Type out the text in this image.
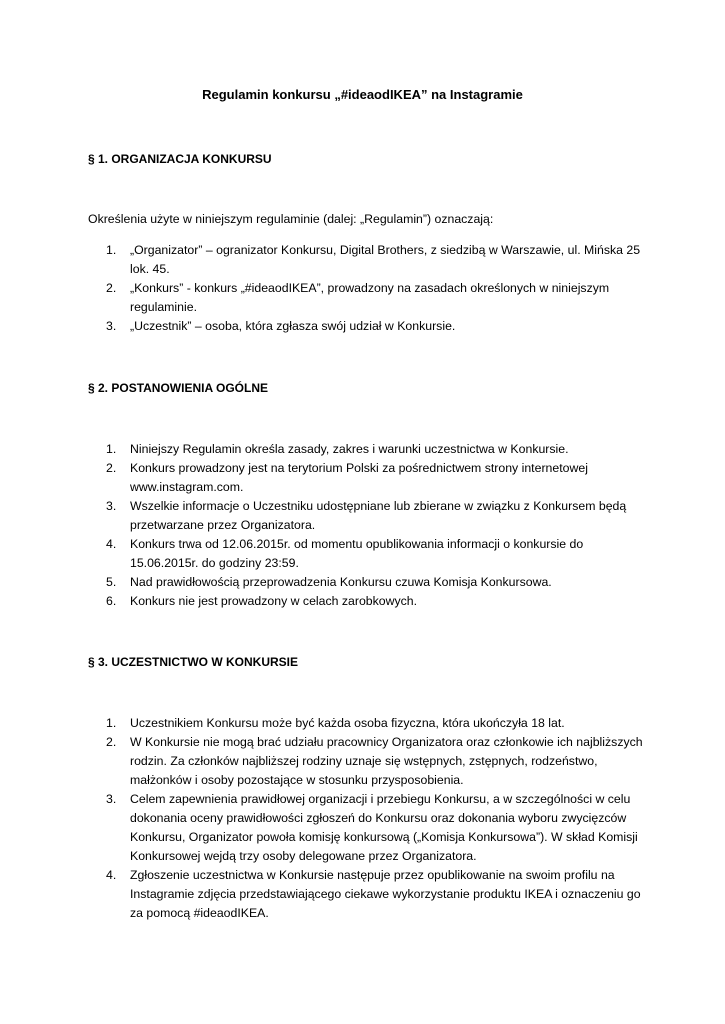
Regulamin konkursu „#ideaodIKEA” na Instagramie
§ 1. ORGANIZACJA KONKURSU
Określenia użyte w niniejszym regulaminie (dalej: „Regulamin”) oznaczają:
1. „Organizator” – ogranizator Konkursu, Digital Brothers, z siedzibą w Warszawie, ul. Mińska 25 lok. 45.
2. „Konkurs” - konkurs „#ideaodIKEA”, prowadzony na zasadach określonych w niniejszym regulaminie.
3. „Uczestnik” – osoba, która zgłasza swój udział w Konkursie.
§ 2. POSTANOWIENIA OGÓLNE
1. Niniejszy Regulamin określa zasady, zakres i warunki uczestnictwa w Konkursie.
2. Konkurs prowadzony jest na terytorium Polski za pośrednictwem strony internetowej www.instagram.com.
3. Wszelkie informacje o Uczestniku udostępniane lub zbierane w związku z Konkursem będą przetwarzane przez Organizatora.
4. Konkurs trwa od 12.06.2015r. od momentu opublikowania informacji o konkursie do 15.06.2015r. do godziny 23:59.
5. Nad prawidłowością przeprowadzenia Konkursu czuwa Komisja Konkursowa.
6. Konkurs nie jest prowadzony w celach zarobkowych.
§ 3. UCZESTNICTWO W KONKURSIE
1. Uczestnikiem Konkursu może być każda osoba fizyczna, która ukończyła 18 lat.
2. W Konkursie nie mogą brać udziału pracownicy Organizatora oraz członkowie ich najbliższych rodzin. Za członków najbliższej rodziny uznaje się wstępnych, zstępnych, rodzeństwo, małżonków i osoby pozostające w stosunku przysposobienia.
3. Celem zapewnienia prawidłowej organizacji i przebiegu Konkursu, a w szczególności w celu dokonania oceny prawidłowości zgłoszeń do Konkursu oraz dokonania wyboru zwycięzców Konkursu, Organizator powoła komisję konkursową („Komisja Konkursowa”). W skład Komisji Konkursowej wejdą trzy osoby delegowane przez Organizatora.
4. Zgłoszenie uczestnictwa w Konkursie następuje przez opublikowanie na swoim profilu na Instagramie zdjęcia przedstawiającego ciekawe wykorzystanie produktu IKEA i oznaczeniu go za pomocą #ideaodIKEA.
